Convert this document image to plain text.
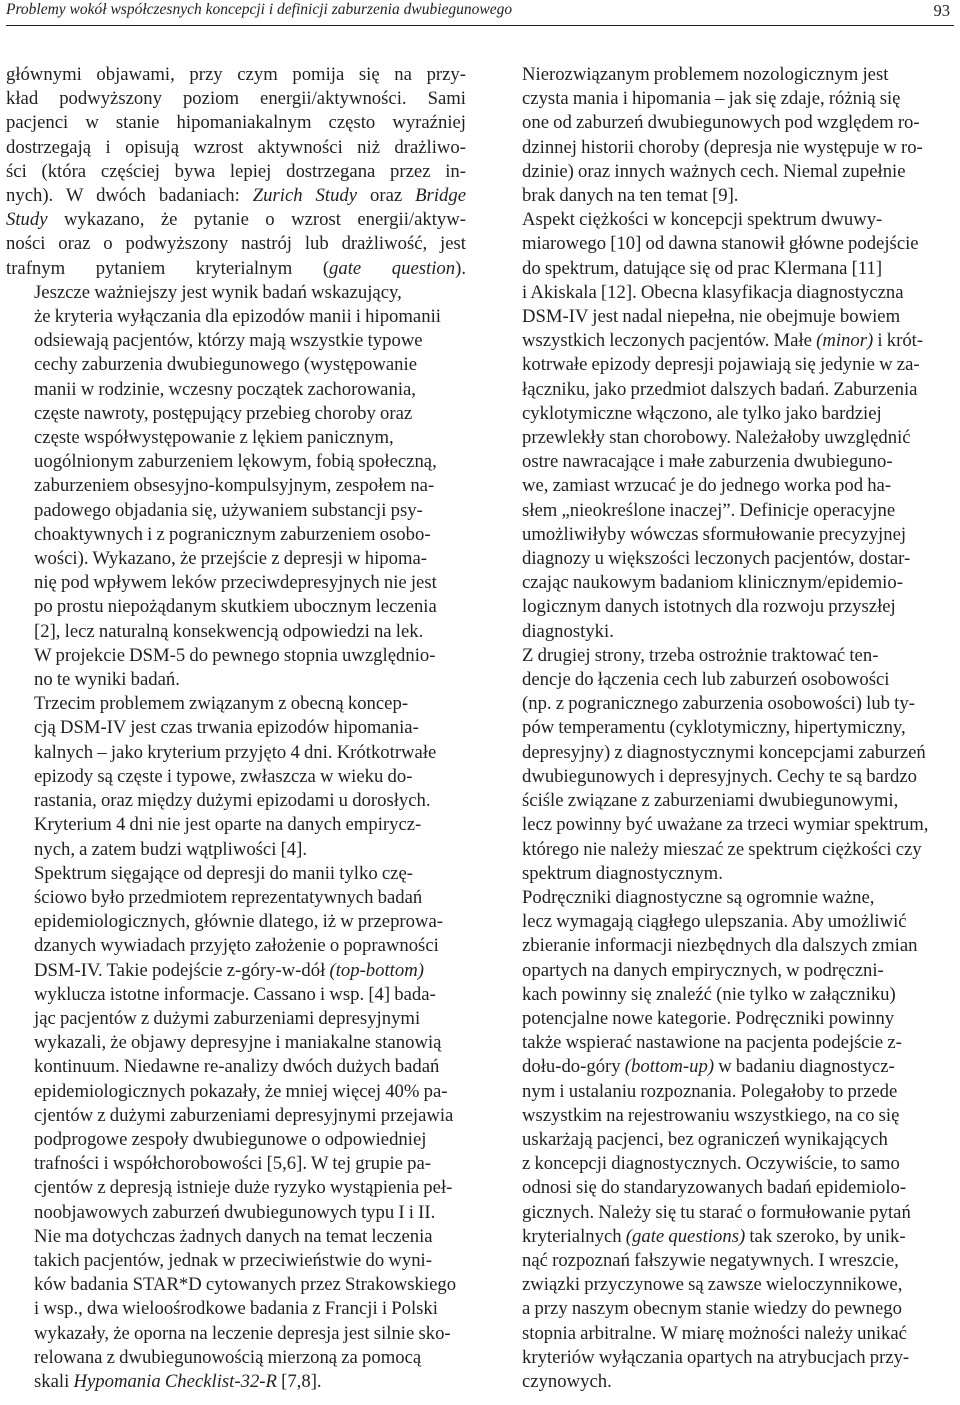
Problemy wokół współczesnych koncepcji i definicji zaburzenia dwubiegunowego	93

głównymi objawami, przy czym pomija się na przy-
kład podwyższony poziom energii/aktywności. Sami
pacjenci w stanie hipomaniakalnym często wyraźniej
dostrzegają i opisują wzrost aktywności niż drażliwo-
ści (która częściej bywa lepiej dostrzegana przez in-
nych). W dwóch badaniach: Zurich Study oraz Bridge
Study wykazano, że pytanie o wzrost energii/aktyw-
ności oraz o podwyższony nastrój lub drażliwość, jest
trafnym pytaniem kryterialnym (gate question).

Jeszcze ważniejszy jest wynik badań wskazujący,
że kryteria wyłączania dla epizodów manii i hipomanii
odsiewają pacjentów, którzy mają wszystkie typowe
cechy zaburzenia dwubiegunowego (występowanie
manii w rodzinie, wczesny początek zachorowania,
częste nawroty, postępujący przebieg choroby oraz
częste współwystępowanie z lękiem panicznym,
uogólnionym zaburzeniem lękowym, fobią społeczną,
zaburzeniem obsesyjno-kompulsyjnym, zespołem na-
padowego objadania się, używaniem substancji psy-
choaktywnych i z pogranicznym zaburzeniem osobo-
wości). Wykazano, że przejście z depresji w hipoma-
nię pod wpływem leków przeciwdepresyjnych nie jest
po prostu niepożądanym skutkiem ubocznym leczenia
[2], lecz naturalną konsekwencją odpowiedzi na lek.
W projekcie DSM-5 do pewnego stopnia uwzględnio-
no te wyniki badań.

Trzecim problemem związanym z obecną koncep-
cją DSM-IV jest czas trwania epizodów hipomania-
kalnych – jako kryterium przyjęto 4 dni. Krótkotrwałe
epizody są częste i typowe, zwłaszcza w wieku do-
rastania, oraz między dużymi epizodami u dorosłych.
Kryterium 4 dni nie jest oparte na danych empirycz-
nych, a zatem budzi wątpliwości [4].

Spektrum sięgające od depresji do manii tylko czę-
ściowo było przedmiotem reprezentatywnych badań
epidemiologicznych, głównie dlatego, iż w przeprowa-
dzanych wywiadach przyjęto założenie o poprawności
DSM-IV. Takie podejście z-góry-w-dół (top-bottom)
wyklucza istotne informacje. Cassano i wsp. [4] bada-
jąc pacjentów z dużymi zaburzeniami depresyjnymi
wykazali, że objawy depresyjne i maniakalne stanowią
kontinuum. Niedawne re-analizy dwóch dużych badań
epidemiologicznych pokazały, że mniej więcej 40% pa-
cjentów z dużymi zaburzeniami depresyjnymi przejawia
podprogowe zespoły dwubiegunowe o odpowiedniej
trafności i współchorobowości [5,6]. W tej grupie pa-
cjentów z depresją istnieje duże ryzyko wystąpienia peł-
noobjawowych zaburzeń dwubiegunowych typu I i II.
Nie ma dotychczas żadnych danych na temat leczenia
takich pacjentów, jednak w przeciwieństwie do wyni-
ków badania STAR*D cytowanych przez Strakowskiego
i wsp., dwa wieloośrodkowe badania z Francji i Polski
wykazały, że oporna na leczenie depresja jest silnie sko-
relowana z dwubiegunowością mierzoną za pomocą
skali Hypomania Checklist-32-R [7,8].

Nierozwiązanym problemem nozologicznym jest
czysta mania i hipomania – jak się zdaje, różnią się
one od zaburzeń dwubiegunowych pod względem ro-
dzinnej historii choroby (depresja nie występuje w ro-
dzinie) oraz innych ważnych cech. Niemal zupełnie
brak danych na ten temat [9].

Aspekt ciężkości w koncepcji spektrum dwuwy-
miarowego [10] od dawna stanowił główne podejście
do spektrum, datujące się od prac Klermana [11]
i Akiskala [12]. Obecna klasyfikacja diagnostyczna
DSM-IV jest nadal niepełna, nie obejmuje bowiem
wszystkich leczonych pacjentów. Małe (minor) i krót-
kotrwałe epizody depresji pojawiają się jedynie w za-
łączniku, jako przedmiot dalszych badań. Zaburzenia
cyklotymiczne włączono, ale tylko jako bardziej
przewlekły stan chorobowy. Należałoby uwzględnić
ostre nawracające i małe zaburzenia dwubieguno-
we, zamiast wrzucać je do jednego worka pod ha-
słem „nieokreślone inaczej”. Definicje operacyjne
umożliwiłyby wówczas sformułowanie precyzyjnej
diagnozy u większości leczonych pacjentów, dostar-
czając naukowym badaniom klinicznym/epidemio-
logicznym danych istotnych dla rozwoju przyszłej
diagnostyki.

Z drugiej strony, trzeba ostrożnie traktować ten-
dencje do łączenia cech lub zaburzeń osobowości
(np. z pogranicznego zaburzenia osobowości) lub ty-
pów temperamentu (cyklotymiczny, hipertymiczny,
depresyjny) z diagnostycznymi koncepcjami zaburzeń
dwubiegunowych i depresyjnych. Cechy te są bardzo
ściśle związane z zaburzeniami dwubiegunowymi,
lecz powinny być uważane za trzeci wymiar spektrum,
którego nie należy mieszać ze spektrum ciężkości czy
spektrum diagnostycznym.

Podręczniki diagnostyczne są ogromnie ważne,
lecz wymagają ciągłego ulepszania. Aby umożliwić
zbieranie informacji niezbędnych dla dalszych zmian
opartych na danych empirycznych, w podręczni-
kach powinny się znaleźć (nie tylko w załączniku)
potencjalne nowe kategorie. Podręczniki powinny
także wspierać nastawione na pacjenta podejście z-
dołu-do-góry (bottom-up) w badaniu diagnostycz-
nym i ustalaniu rozpoznania. Polegałoby to przede
wszystkim na rejestrowaniu wszystkiego, na co się
uskarżają pacjenci, bez ograniczeń wynikających
z koncepcji diagnostycznych. Oczywiście, to samo
odnosi się do standaryzowanych badań epidemiolo-
gicznych. Należy się tu starać o formułowanie pytań
kryterialnych (gate questions) tak szeroko, by unik-
nąć rozpoznań fałszywie negatywnych. I wreszcie,
związki przyczynowe są zawsze wieloczynnikowe,
a przy naszym obecnym stanie wiedzy do pewnego
stopnia arbitralne. W miarę możności należy unikać
kryteriów wyłączania opartych na atrybucjach przy-
czynowych.
